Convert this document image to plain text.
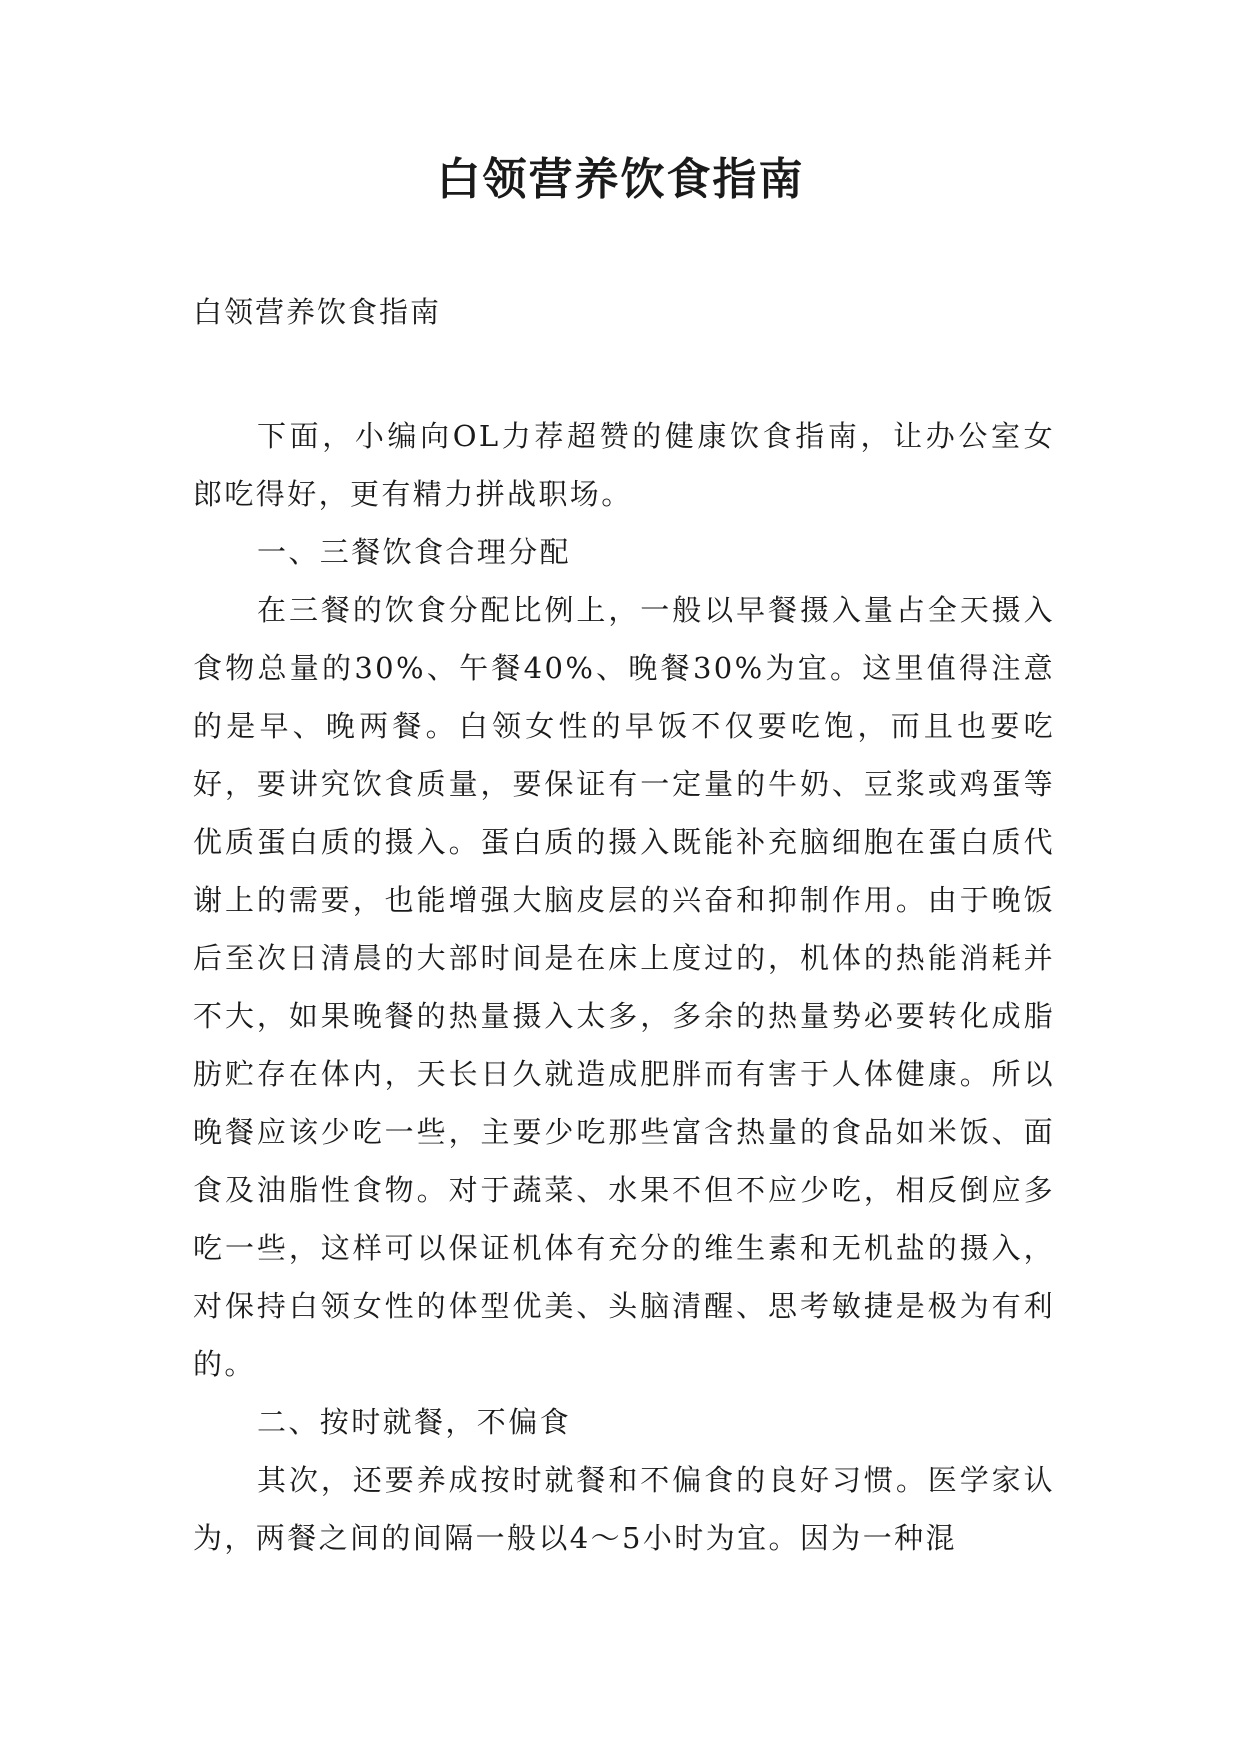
白领营养饮食指南

白领营养饮食指南

下面，小编向OL力荐超赞的健康饮食指南，让办公室女郎吃得好，更有精力拼战职场。

一、三餐饮食合理分配

在三餐的饮食分配比例上，一般以早餐摄入量占全天摄入食物总量的30%、午餐40%、晚餐30%为宜。这里值得注意的是早、晚两餐。白领女性的早饭不仅要吃饱，而且也要吃好，要讲究饮食质量，要保证有一定量的牛奶、豆浆或鸡蛋等优质蛋白质的摄入。蛋白质的摄入既能补充脑细胞在蛋白质代谢上的需要，也能增强大脑皮层的兴奋和抑制作用。由于晚饭后至次日清晨的大部时间是在床上度过的，机体的热能消耗并不大，如果晚餐的热量摄入太多，多余的热量势必要转化成脂肪贮存在体内，天长日久就造成肥胖而有害于人体健康。所以晚餐应该少吃一些，主要少吃那些富含热量的食品如米饭、面食及油脂性食物。对于蔬菜、水果不但不应少吃，相反倒应多吃一些，这样可以保证机体有充分的维生素和无机盐的摄入，对保持白领女性的体型优美、头脑清醒、思考敏捷是极为有利的。

二、按时就餐，不偏食

其次，还要养成按时就餐和不偏食的良好习惯。医学家认为，两餐之间的间隔一般以4～5小时为宜。因为一种混
